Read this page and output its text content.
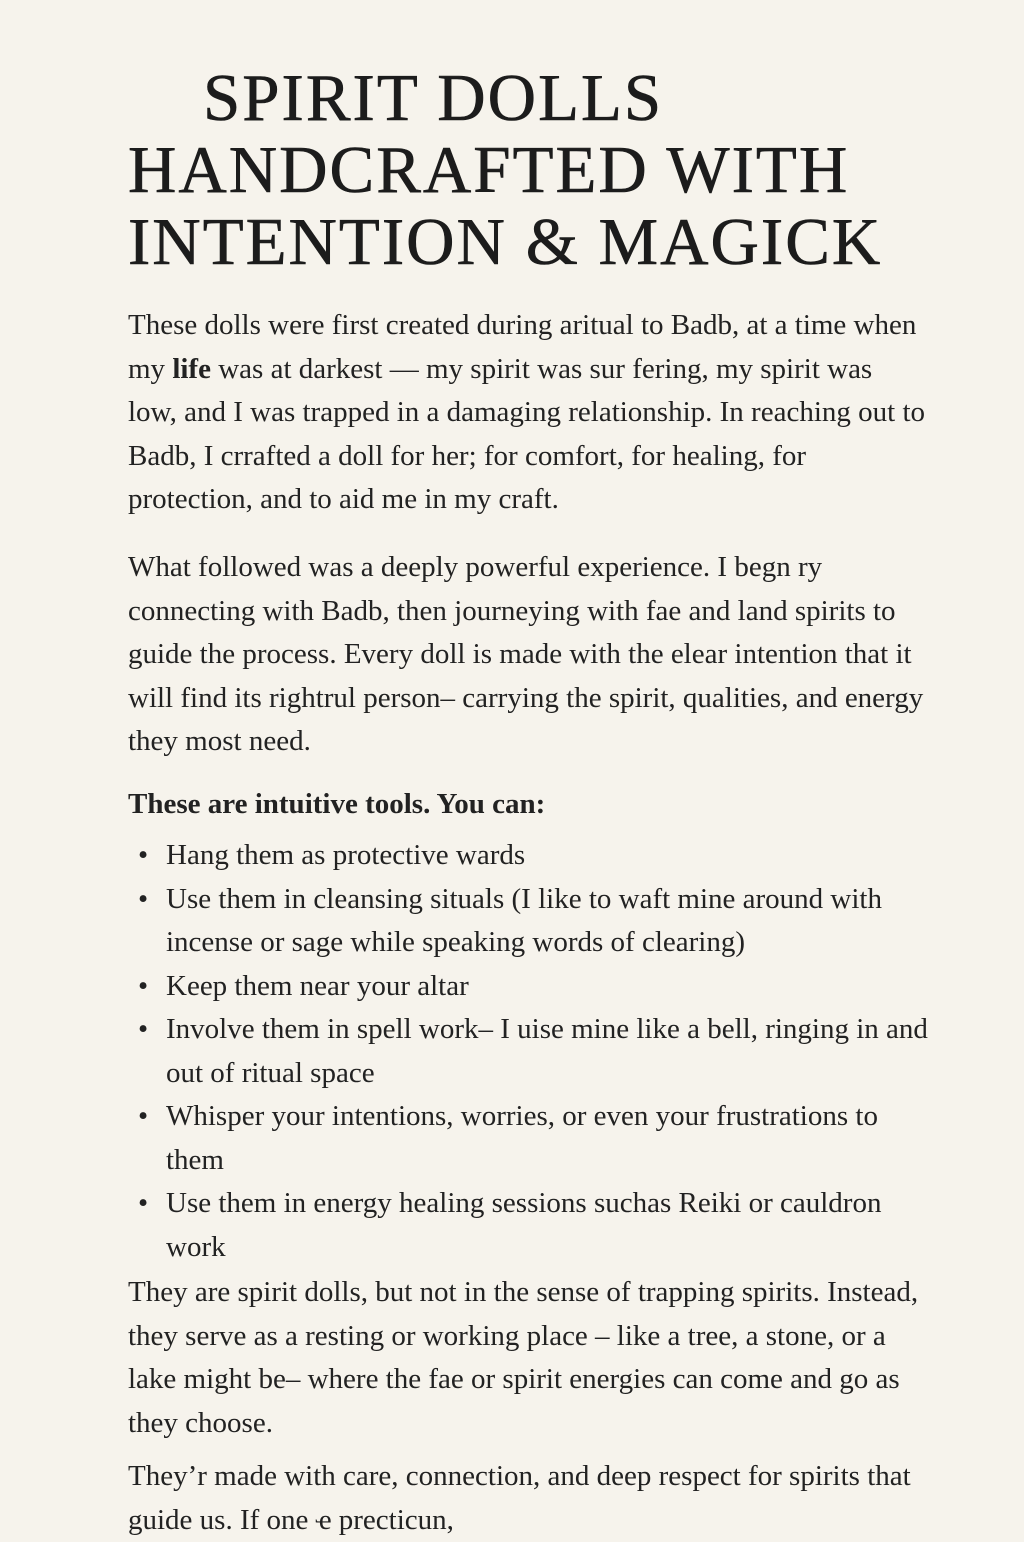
SPIRIT DOLLS
HANDCRAFTED WITH
INTENTION & MAGICK

These dolls were first created during aritual to Badb, at a time when my life was at darkest — my spirit was sur fering, my spirit was low, and I was trapped in a damaging relationship. In reaching out to Badb, I crrafted a doll for her; for comfort, for healing, for protection, and to aid me in my craft.

What followed was a deeply powerful experience. I begn ry connecting with Badb, then journeying with fae and land spirits to guide the process. Every doll is made with the elear intention that it will find its rightrul person– carrying the spirit, qualities, and energy they most need.

These are intuitive tools. You can:

• Hang them as protective wards
• Use them in cleansing situals (I like to waft mine around with incense or sage while speaking words of clearing)
• Keep them near your altar
• Involve them in spell work– I uise mine like a bell, ringing in and out of ritual space
• Whisper your intentions, worries, or even your frustrations to them
• Use them in energy healing sessions suchas Reiki or cauldron work

They are spirit dolls, but not in the sense of trapping spirits. Instead, they serve as a resting or working place – like a tree, a stone, or a lake might be– where the fae or spirit energies can come and go as they choose.

They’r made with care, connection, and deep respect for spirits that guide us. If one ҽ precticun,
